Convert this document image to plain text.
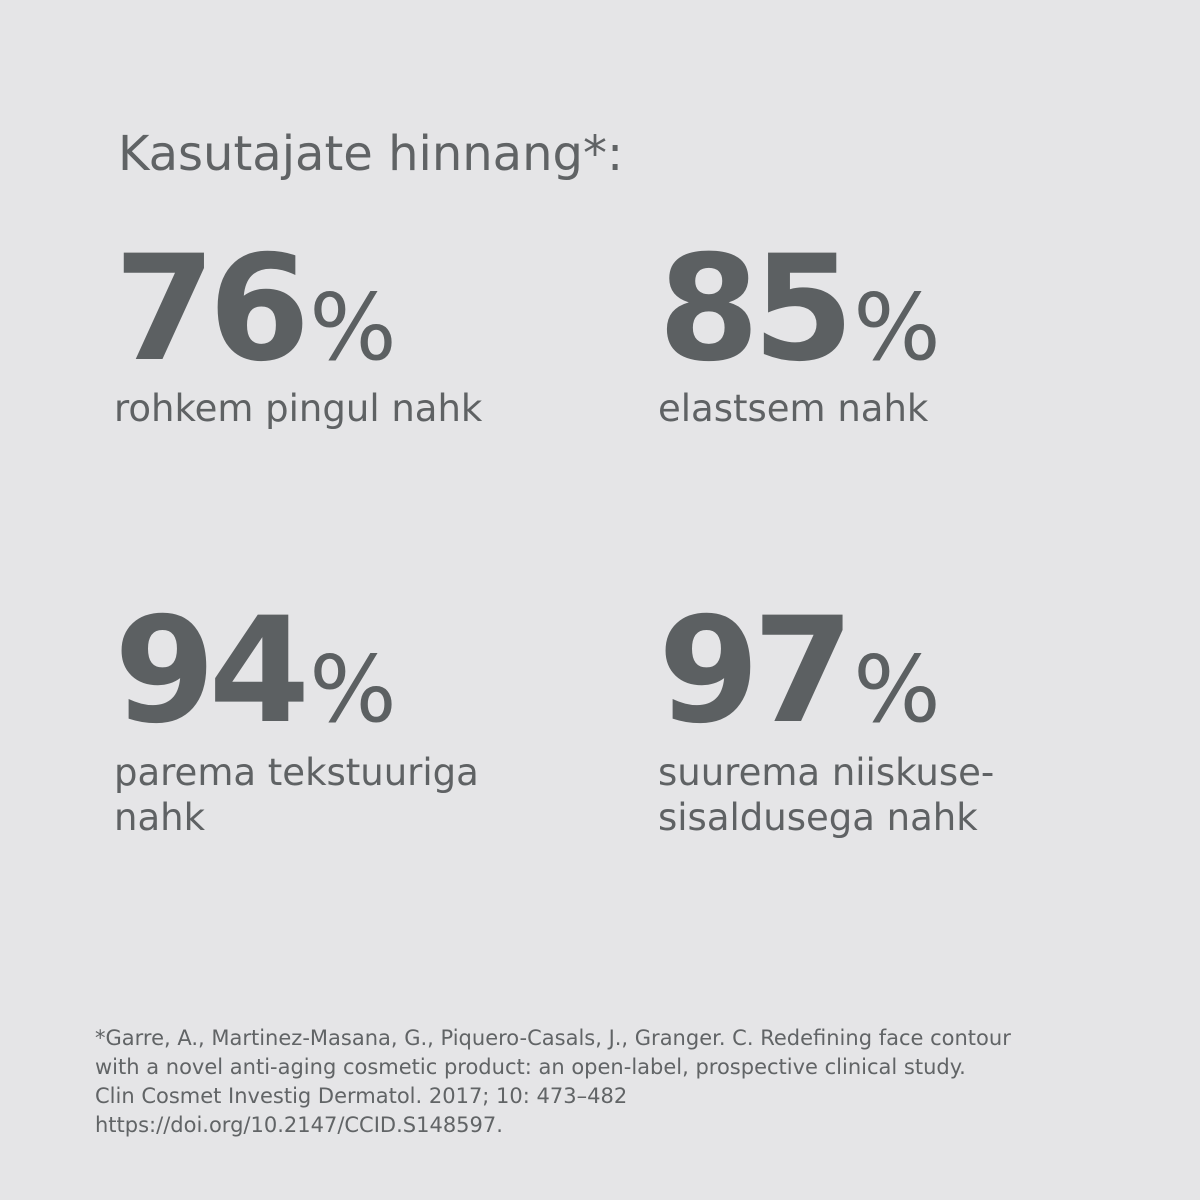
Kasutajate hinnang*:
76%
rohkem pingul nahk
85%
elastsem nahk
94%
parema tekstuuriga
nahk
97%
suurema niiskuse-
sisaldusega nahk
*Garre, A., Martinez-Masana, G., Piquero-Casals, J., Granger. C. Redefining face contour
with a novel anti-aging cosmetic product: an open-label, prospective clinical study.
Clin Cosmet Investig Dermatol. 2017; 10: 473–482
https://doi.org/10.2147/CCID.S148597.
